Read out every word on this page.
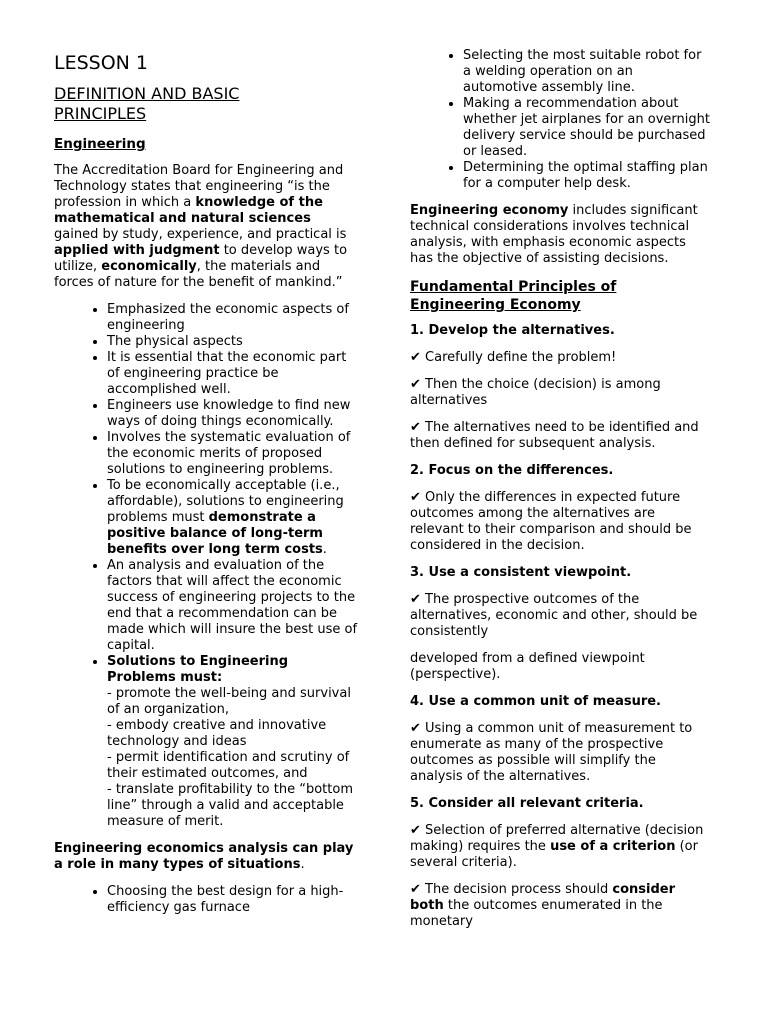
LESSON 1
DEFINITION AND BASIC
PRINCIPLES
Engineering

The Accreditation Board for Engineering and Technology states that engineering “is the profession in which a knowledge of the mathematical and natural sciences gained by study, experience, and practical is applied with judgment to develop ways to utilize, economically, the materials and forces of nature for the benefit of mankind.”

• Emphasized the economic aspects of engineering
• The physical aspects
• It is essential that the economic part of engineering practice be accomplished well.
• Engineers use knowledge to find new ways of doing things economically.
• Involves the systematic evaluation of the economic merits of proposed solutions to engineering problems.
• To be economically acceptable (i.e., affordable), solutions to engineering problems must demonstrate a positive balance of long-term benefits over long term costs.
• An analysis and evaluation of the factors that will affect the economic success of engineering projects to the end that a recommendation can be made which will insure the best use of capital.
• Solutions to Engineering Problems must:
- promote the well-being and survival of an organization,
- embody creative and innovative technology and ideas
- permit identification and scrutiny of their estimated outcomes, and
- translate profitability to the “bottom line” through a valid and acceptable measure of merit.

Engineering economics analysis can play a role in many types of situations.

• Choosing the best design for a high-efficiency gas furnace
• Selecting the most suitable robot for a welding operation on an automotive assembly line.
• Making a recommendation about whether jet airplanes for an overnight delivery service should be purchased or leased.
• Determining the optimal staffing plan for a computer help desk.

Engineering economy includes significant technical considerations involves technical analysis, with emphasis economic aspects has the objective of assisting decisions.

Fundamental Principles of
Engineering Economy
1. Develop the alternatives.

✔ Carefully define the problem!

✔ Then the choice (decision) is among alternatives

✔ The alternatives need to be identified and then defined for subsequent analysis.

2. Focus on the differences.

✔ Only the differences in expected future outcomes among the alternatives are relevant to their comparison and should be considered in the decision.

3. Use a consistent viewpoint.

✔ The prospective outcomes of the alternatives, economic and other, should be consistently

developed from a defined viewpoint (perspective).

4. Use a common unit of measure.

✔ Using a common unit of measurement to enumerate as many of the prospective outcomes as possible will simplify the analysis of the alternatives.

5. Consider all relevant criteria.

✔ Selection of preferred alternative (decision making) requires the use of a criterion (or several criteria).

✔ The decision process should consider both the outcomes enumerated in the monetary
